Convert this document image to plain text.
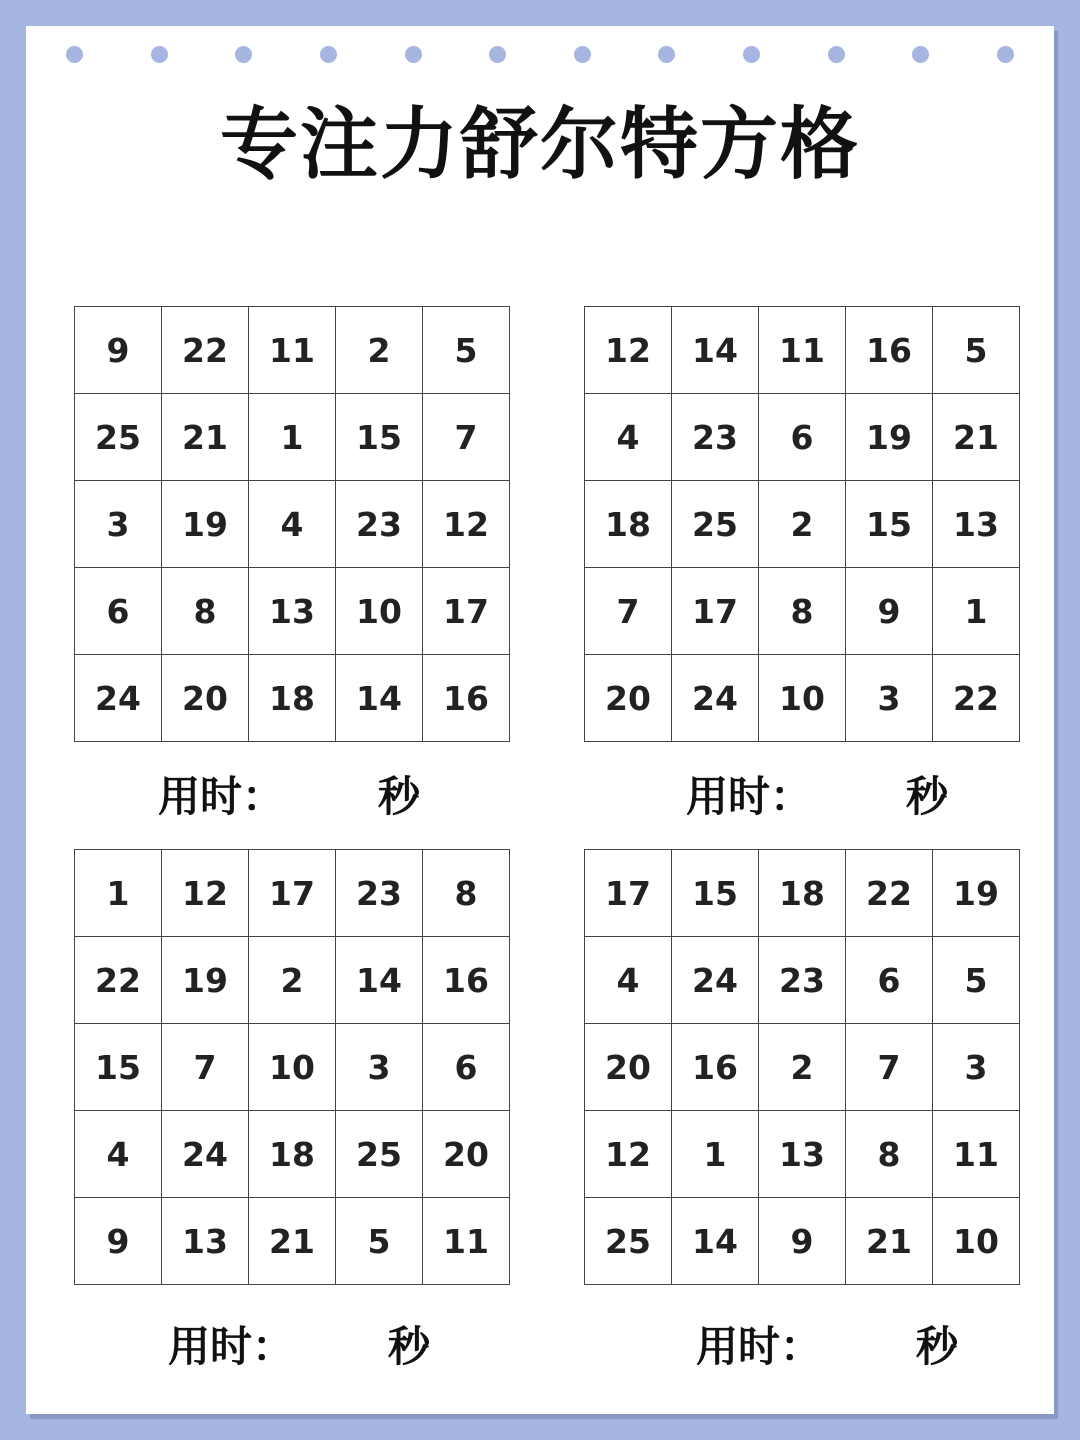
专注力舒尔特方格
9	22	11	2	5
25	21	1	15	7
3	19	4	23	12
6	8	13	10	17
24	20	18	14	16
12	14	11	16	5
4	23	6	19	21
18	25	2	15	13
7	17	8	9	1
20	24	10	3	22
1	12	17	23	8
22	19	2	14	16
15	7	10	3	6
4	24	18	25	20
9	13	21	5	11
17	15	18	22	19
4	24	23	6	5
20	16	2	7	3
12	1	13	8	11
25	14	9	21	10
用时： 秒	用时： 秒
用时： 秒	用时： 秒
